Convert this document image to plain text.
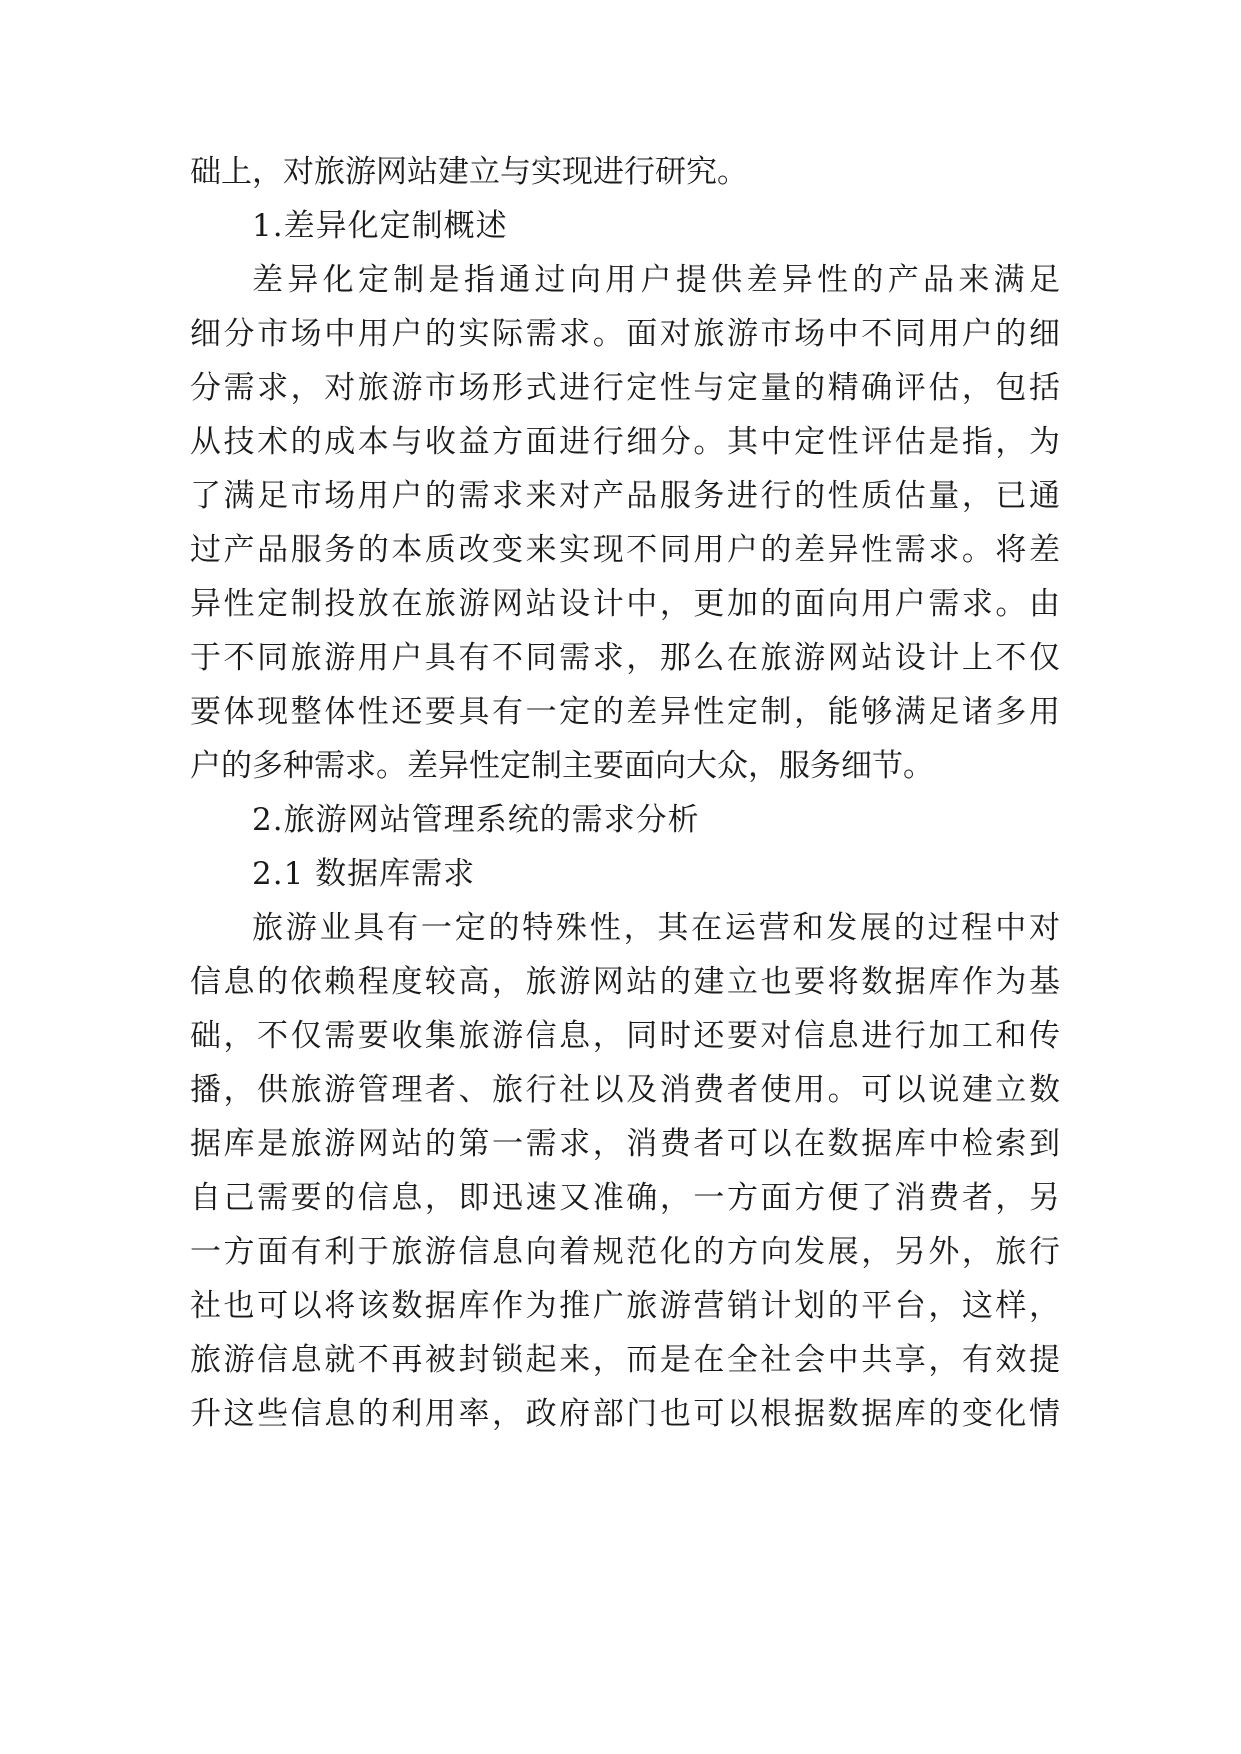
础上，对旅游网站建立与实现进行研究。
1.差异化定制概述
差异化定制是指通过向用户提供差异性的产品来满足
细分市场中用户的实际需求。面对旅游市场中不同用户的细
分需求，对旅游市场形式进行定性与定量的精确评估，包括
从技术的成本与收益方面进行细分。其中定性评估是指，为
了满足市场用户的需求来对产品服务进行的性质估量，已通
过产品服务的本质改变来实现不同用户的差异性需求。将差
异性定制投放在旅游网站设计中，更加的面向用户需求。由
于不同旅游用户具有不同需求，那么在旅游网站设计上不仅
要体现整体性还要具有一定的差异性定制，能够满足诸多用
户的多种需求。差异性定制主要面向大众，服务细节。
2.旅游网站管理系统的需求分析
2.1 数据库需求
旅游业具有一定的特殊性，其在运营和发展的过程中对
信息的依赖程度较高，旅游网站的建立也要将数据库作为基
础，不仅需要收集旅游信息，同时还要对信息进行加工和传
播，供旅游管理者、旅行社以及消费者使用。可以说建立数
据库是旅游网站的第一需求，消费者可以在数据库中检索到
自己需要的信息，即迅速又准确，一方面方便了消费者，另
一方面有利于旅游信息向着规范化的方向发展，另外，旅行
社也可以将该数据库作为推广旅游营销计划的平台，这样，
旅游信息就不再被封锁起来，而是在全社会中共享，有效提
升这些信息的利用率，政府部门也可以根据数据库的变化情
